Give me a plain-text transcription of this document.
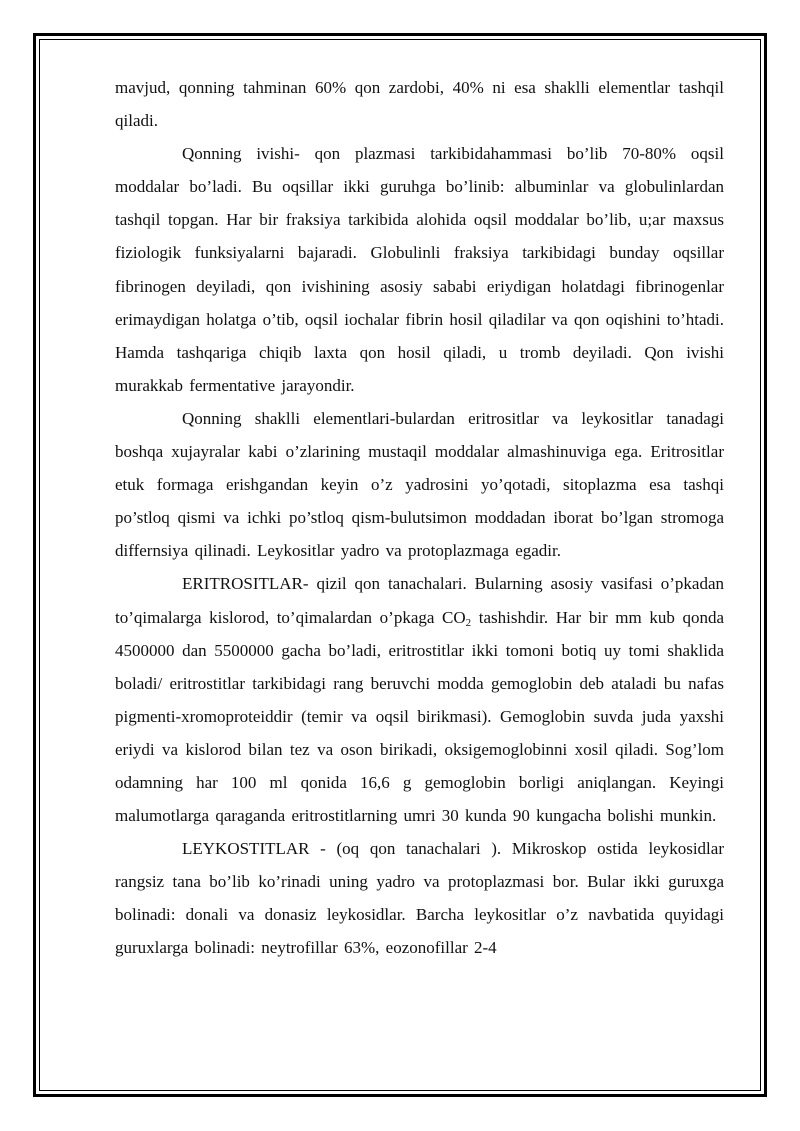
mavjud, qonning tahminan 60% qon zardobi, 40% ni esa shaklli elementlar tashqil qiladi.

Qonning ivishi- qon plazmasi tarkibidahammasi bo’lib 70-80% oqsil moddalar bo’ladi. Bu oqsillar ikki guruhga bo’linib: albuminlar va globulinlardan tashqil topgan. Har bir fraksiya tarkibida alohida oqsil moddalar bo’lib, u;ar maxsus fiziologik funksiyalarni bajaradi. Globulinli fraksiya tarkibidagi bunday oqsillar fibrinogen deyiladi, qon ivishining asosiy sababi eriydigan holatdagi fibrinogenlar erimaydigan holatga o’tib, oqsil iochalar fibrin hosil qiladilar va qon oqishini to’htadi. Hamda tashqariga chiqib laxta qon hosil qiladi, u tromb deyiladi. Qon ivishi murakkab fermentative jarayondir.

Qonning shaklli elementlari-bulardan eritrositlar va leykositlar tanadagi boshqa xujayralar kabi o’zlarining mustaqil moddalar almashinuviga ega. Eritrositlar etuk formaga erishgandan keyin o’z yadrosini yo’qotadi, sitoplazma esa tashqi po’stloq qismi va ichki po’stloq qism-bulutsimon moddadan iborat bo’lgan stromoga differnsiya qilinadi. Leykositlar yadro va protoplazmaga egadir.

ERITROSITLAR- qizil qon tanachalari. Bularning asosiy vasifasi o’pkadan to’qimalarga kislorod, to’qimalardan o’pkaga $CO_2$ tashishdir. Har bir mm kub qonda 4500000 dan 5500000 gacha bo’ladi, eritrostitlar ikki tomoni botiq uy tomi shaklida boladi/ eritrostitlar tarkibidagi rang beruvchi modda gemoglobin deb ataladi bu nafas pigmenti-xromoproteiddir (temir va oqsil birikmasi). Gemoglobin suvda juda yaxshi eriydi va kislorod bilan tez va oson birikadi, oksigemoglobinni xosil qiladi. Sog’lom odamning har 100 ml qonida 16,6 g gemoglobin borligi aniqlangan. Keyingi malumotlarga qaraganda eritrostitlarning umri 30 kunda 90 kungacha bolishi munkin.

LEYKOSTITLAR - (oq qon tanachalari ). Mikroskop ostida leykosidlar rangsiz tana bo’lib ko’rinadi uning yadro va protoplazmasi bor. Bular ikki guruxga bolinadi: donali va donasiz leykosidlar. Barcha leykositlar o’z navbatida quyidagi guruxlarga bolinadi: neytrofillar 63%, eozonofillar 2-4
